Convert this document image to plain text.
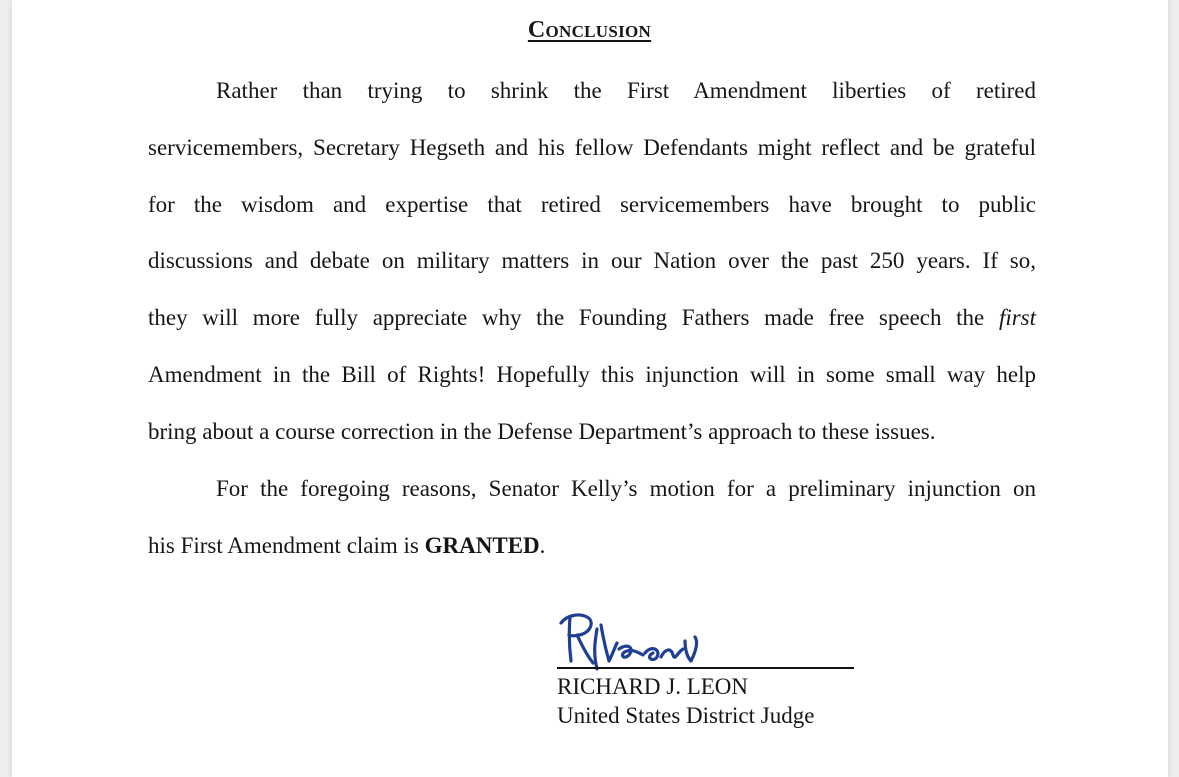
Conclusion
Rather than trying to shrink the First Amendment liberties of retired
servicemembers, Secretary Hegseth and his fellow Defendants might reflect and be grateful
for the wisdom and expertise that retired servicemembers have brought to public
discussions and debate on military matters in our Nation over the past 250 years. If so,
they will more fully appreciate why the Founding Fathers made free speech the first
Amendment in the Bill of Rights! Hopefully this injunction will in some small way help
bring about a course correction in the Defense Department’s approach to these issues.
For the foregoing reasons, Senator Kelly’s motion for a preliminary injunction on
his First Amendment claim is GRANTED.
RICHARD J. LEON
United States District Judge
